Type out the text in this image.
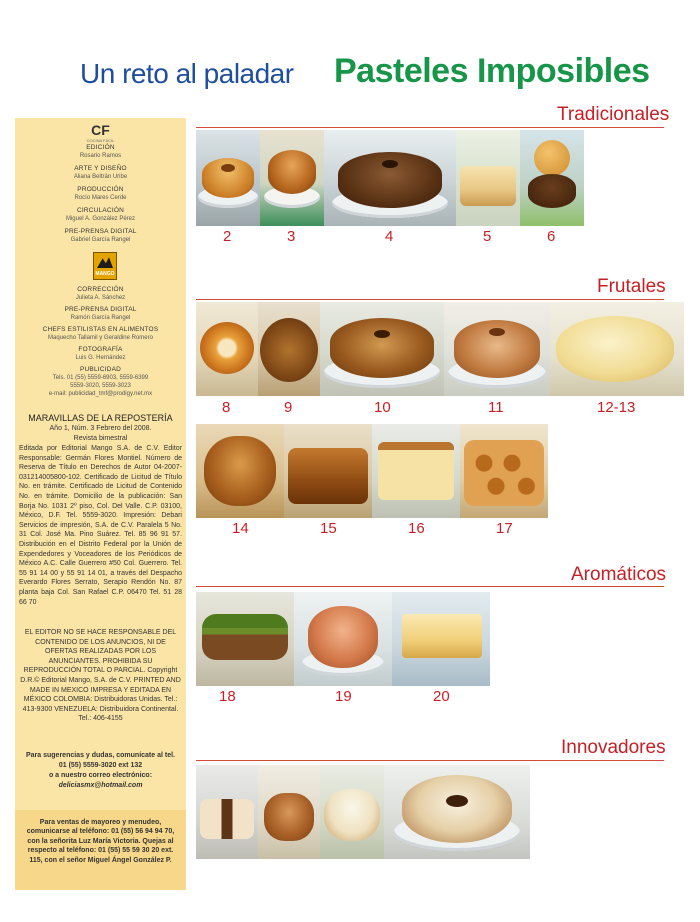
Un reto al paladar Pasteles Imposibles
CF
COCINA FÁCIL
EDICIÓN
Rosario Ramos
ARTE Y DISEÑO
Aliana Beltrán Uribe
PRODUCCIÓN
Rocío Mares Cerde
CIRCULACIÓN
Miguel A. González Pérez
PRE-PRENSA DIGITAL
Gabriel García Rangel
MANGO
CORRECCIÓN
Julieta A. Sánchez
PRE-PRENSA DIGITAL
Ramón García Rangel
CHEFS ESTILISTAS EN ALIMENTOS
Maquecho Tallamil y Geraldine Romero
FOTOGRAFÍA
Luis G. Hernández
PUBLICIDAD
Tels. 01 (55) 5559-6903, 5559-6399
5559-3020, 5559-3023
e-mail: publicidad_tmf@prodigy.net.mx
MARAVILLAS DE LA REPOSTERÍA
Año 1, Núm. 3 Febrero del 2008.
Revista bimestral
Editada por Editorial Mango S.A. de C.V. Editor Responsable: Germán Flores Montiel. Número de Reserva de Título en Derechos de Autor 04-2007-031214005800-102. Certificado de Licitud de Título No. en trámite. Certificado de Licitud de Contenido No. en trámite. Domicilio de la publicación: San Borja No. 1031 2º piso, Col. Del Valle. C.P. 03100, México, D.F. Tel. 5559-3020. Impresión: Debari Servicios de impresión, S.A. de C.V. Paralela 5 No. 31 Col. José Ma. Pino Suárez. Tel. 85 96 91 57. Distribución en el Distrito Federal por la Unión de Expendedores y Voceadores de los Periódicos de México A.C. Calle Guerrero #50 Col. Guerrero. Tel. 55 91 14 00 y 55 91 14 01, a través del Despacho Everardo Flores Serrato, Serapio Rendón No. 87 planta baja Col. San Rafael C.P. 06470 Tel. 51 28 66 70
EL EDITOR NO SE HACE RESPONSABLE DEL CONTENIDO DE LOS ANUNCIOS, NI DE OFERTAS REALIZADAS POR LOS ANUNCIANTES. PROHIBIDA SU REPRODUCCIÓN TOTAL O PARCIAL. Copyright D.R.© Editorial Mango, S.A. de C.V. PRINTED AND MADE IN MEXICO IMPRESA Y EDITADA EN MÉXICO COLOMBIA: Distribuidoras Unidas. Tel.: 413-9300 VENEZUELA: Distribuidora Continental. Tel.: 406-4155
Para sugerencias y dudas, comunícate al tel.
01 (55) 5559-3020 ext 132
o a nuestro correo electrónico:
deliciasmx@hotmail.com
Para ventas de mayoreo y menudeo, comunicarse al teléfono: 01 (55) 56 94 94 70, con la señorita Luz María Victoria. Quejas al respecto al teléfono: 01 (55) 55 59 30 20 ext. 115, con el señor Miguel Ángel González P.
Tradicionales
2	3	4	5	6
Frutales
8	9	10	11	12-13
14	15	16	17
Aromáticos
18	19	20
Innovadores
